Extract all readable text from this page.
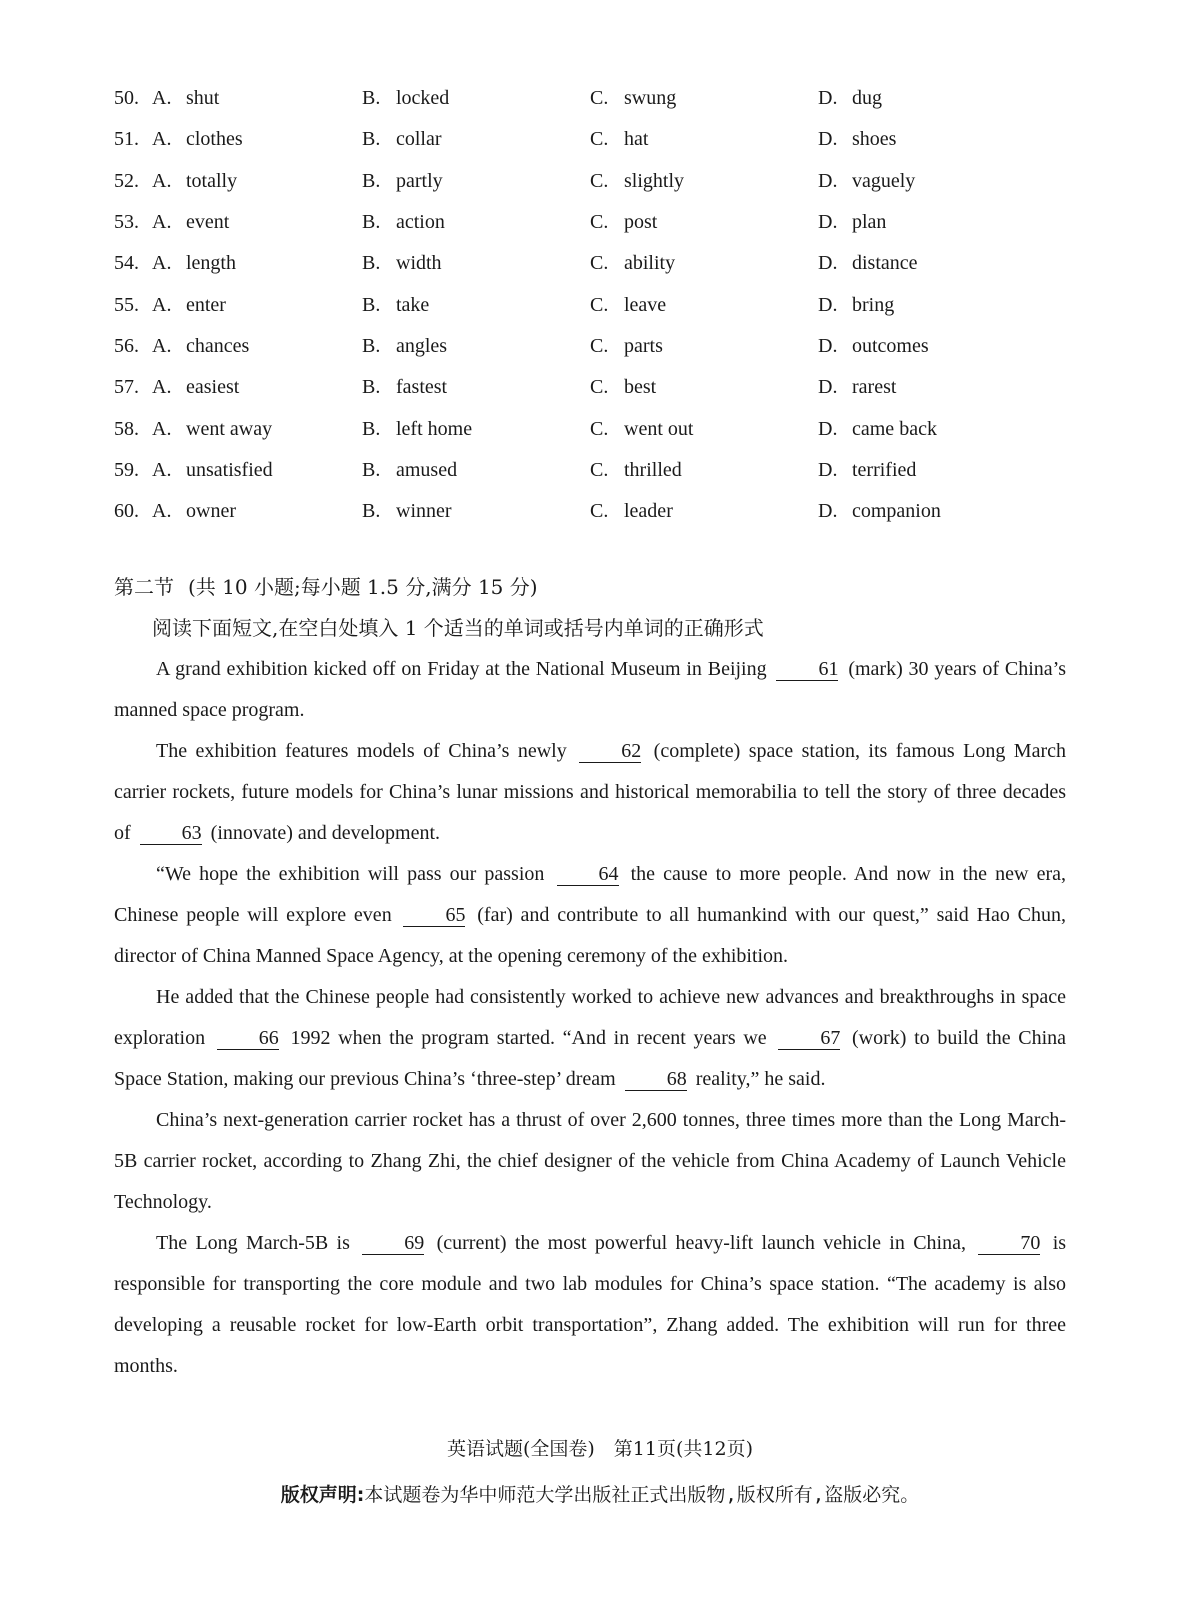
50. A. shut	B. locked	C. swung	D. dug
51. A. clothes	B. collar	C. hat	D. shoes
52. A. totally	B. partly	C. slightly	D. vaguely
53. A. event	B. action	C. post	D. plan
54. A. length	B. width	C. ability	D. distance
55. A. enter	B. take	C. leave	D. bring
56. A. chances	B. angles	C. parts	D. outcomes
57. A. easiest	B. fastest	C. best	D. rarest
58. A. went away	B. left home	C. went out	D. came back
59. A. unsatisfied	B. amused	C. thrilled	D. terrified
60. A. owner	B. winner	C. leader	D. companion
第二节 (共 10 小题;每小题 1.5 分,满分 15 分)
阅读下面短文,在空白处填入 1 个适当的单词或括号内单词的正确形式

A grand exhibition kicked off on Friday at the National Museum in Beijing	61 (mark) 30 years of China’s manned space program.

The exhibition features models of China’s newly	62 (complete) space station, its famous Long March carrier rockets, future models for China’s lunar missions and historical memorabilia to tell the story of three decades of	63 (innovate) and development.

“We hope the exhibition will pass our passion	64 the cause to more people. And now in the new era, Chinese people will explore even	65 (far) and contribute to all humankind with our quest,” said Hao Chun, director of China Manned Space Agency, at the opening ceremony of the exhibition.

He added that the Chinese people had consistently worked to achieve new advances and breakthroughs in space exploration	66 1992 when the program started. “And in recent years we	67 (work) to build the China Space Station, making our previous China’s ‘three-step’ dream	68 reality,” he said.

China’s next-generation carrier rocket has a thrust of over 2,600 tonnes, three times more than the Long March-5B carrier rocket, according to Zhang Zhi, the chief designer of the vehicle from China Academy of Launch Vehicle Technology.

The Long March-5B is	69 (current) the most powerful heavy-lift launch vehicle in China,	70 is responsible for transporting the core module and two lab modules for China’s space station. “The academy is also developing a reusable rocket for low-Earth orbit transportation”, Zhang added. The exhibition will run for three months.

英语试题(全国卷)　第11页(共12页)
版权声明:本试题卷为华中师范大学出版社正式出版物,版权所有,盗版必究。
